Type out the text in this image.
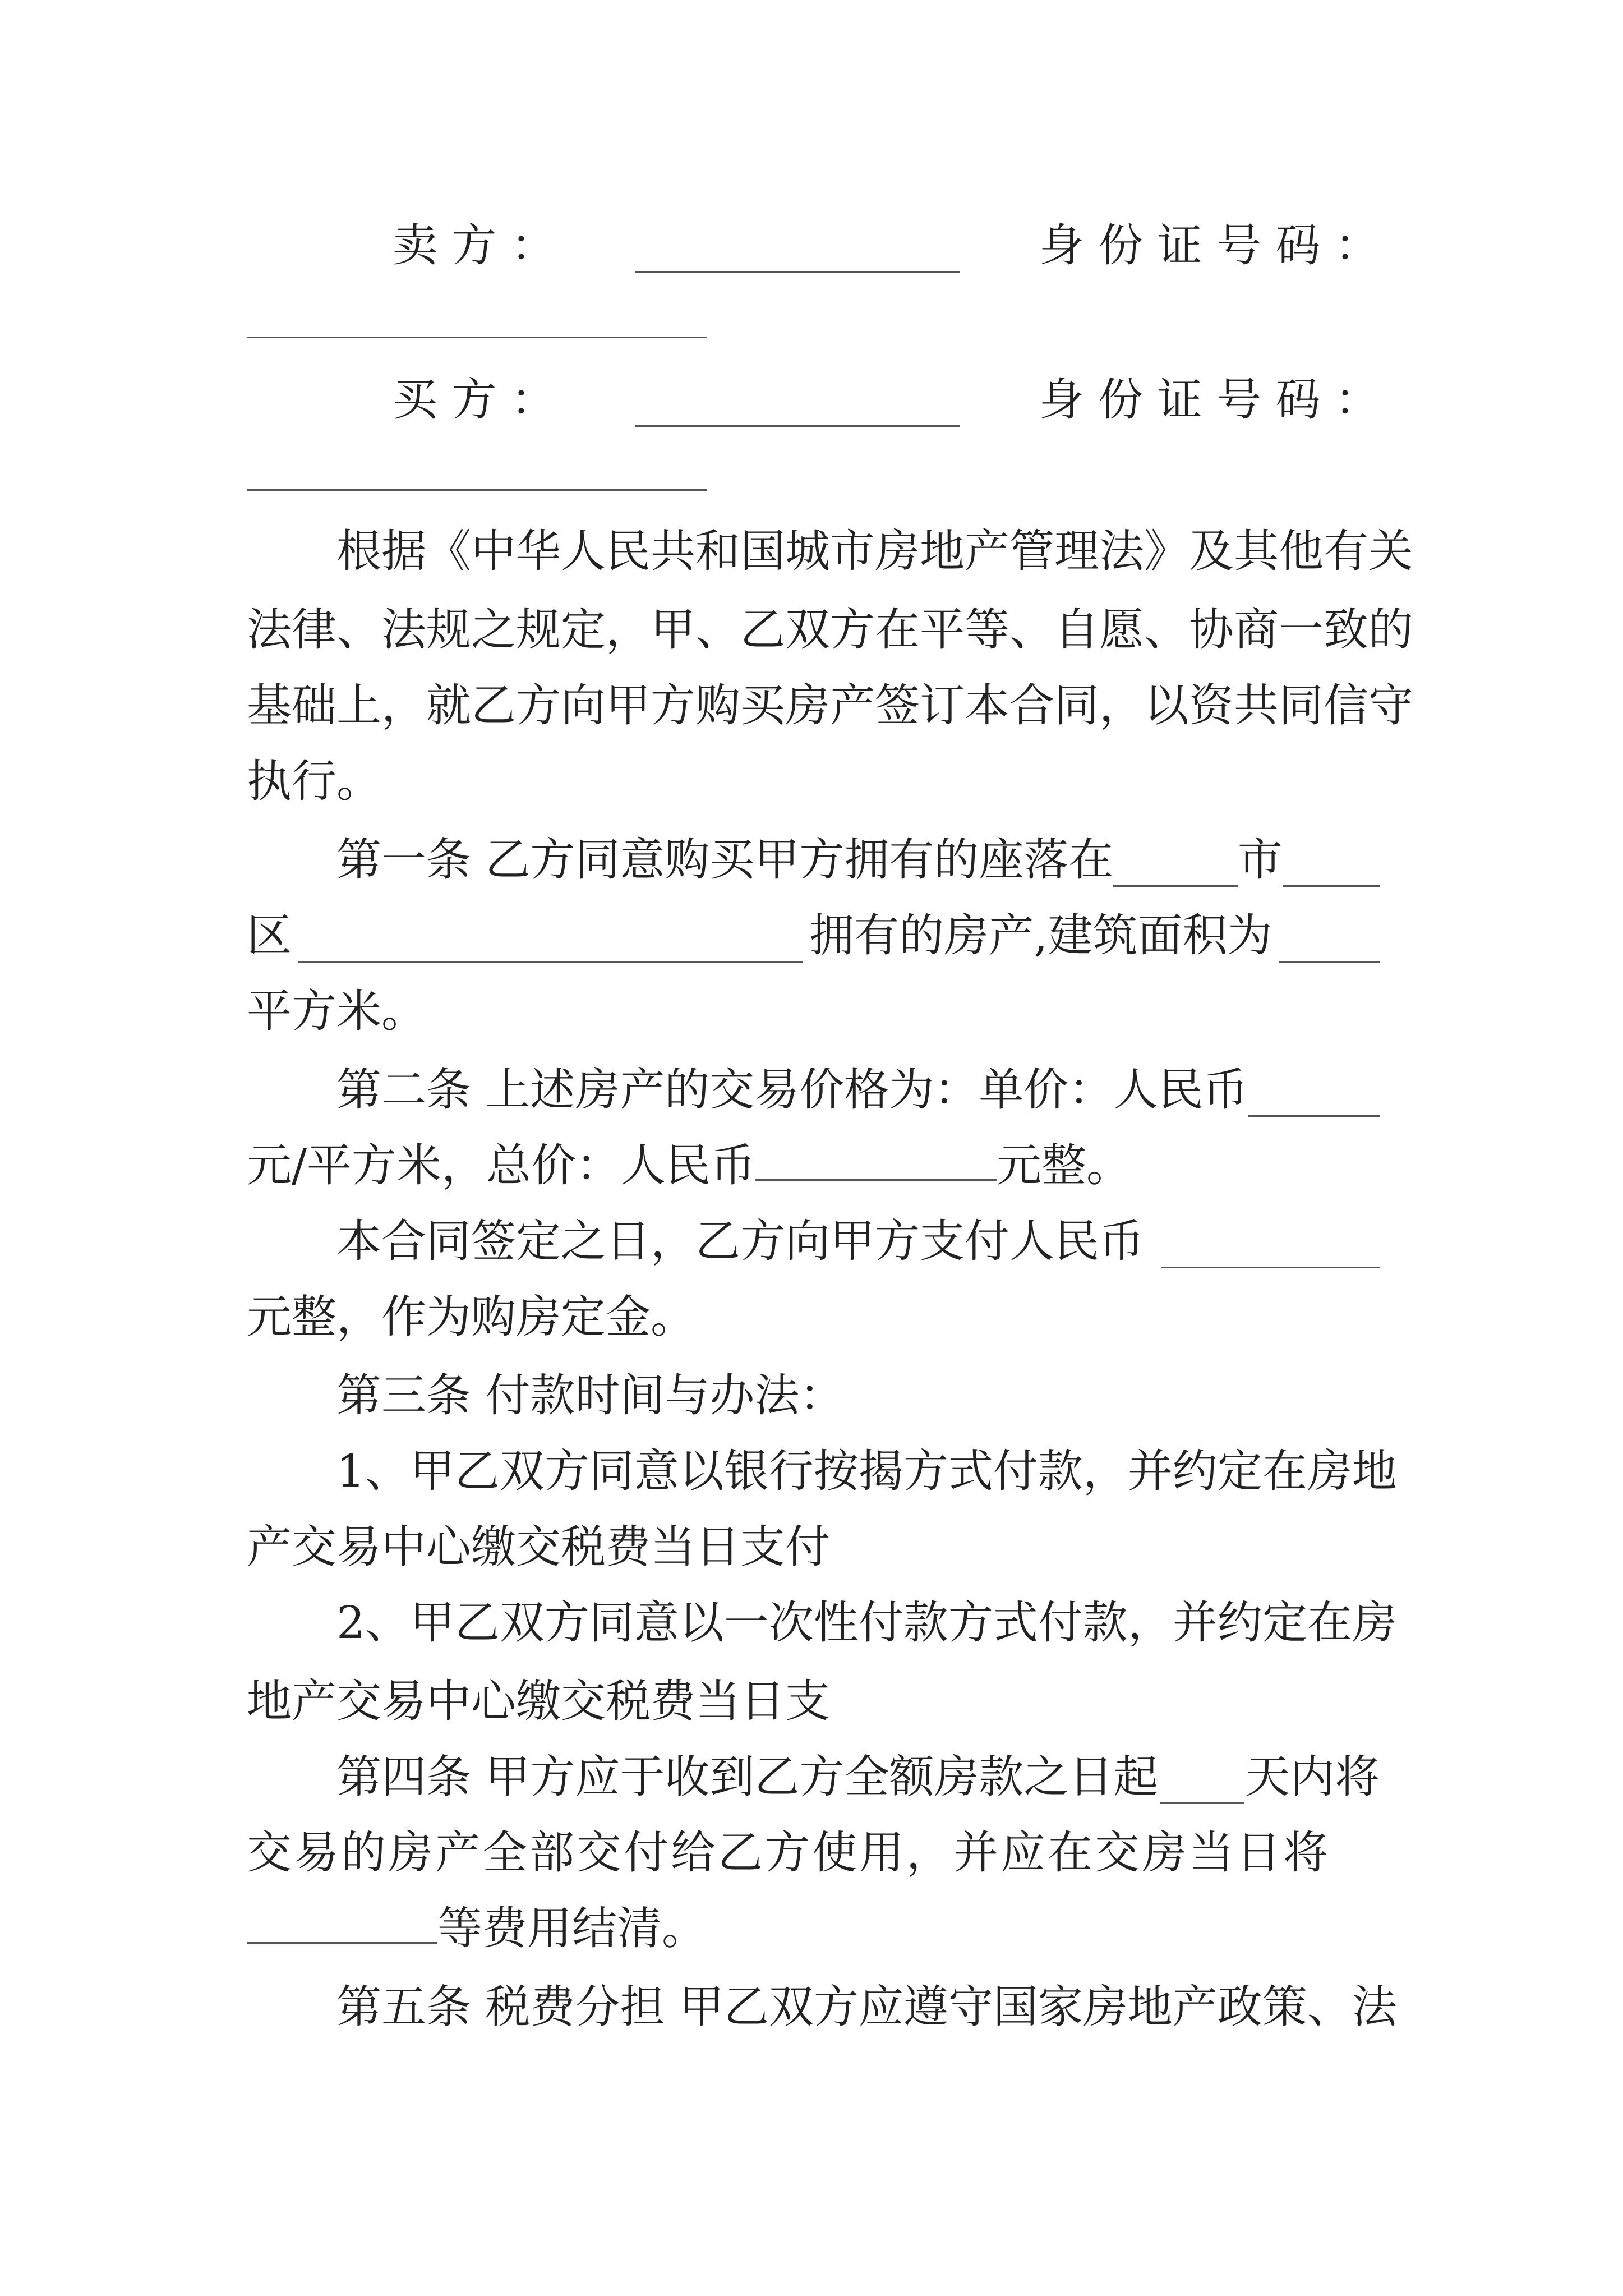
卖 方 ：	身 份 证 号 码 ：
买 方 ：	身 份 证 号 码 ：
根据《中华人民共和国城市房地产管理法》及其他有关
法律、法规之规定，甲、乙双方在平等、自愿、协商一致的
基础上，就乙方向甲方购买房产签订本合同，以资共同信守
执行。
第一条 乙方同意购买甲方拥有的座落在	市
区	拥有的房产,建筑面积为
平方米。
第二条 上述房产的交易价格为：单价：人民币
元/平方米，总价：人民币	元整。
本合同签定之日，乙方向甲方支付人民币
元整，作为购房定金。
第三条 付款时间与办法：
1、甲乙双方同意以银行按揭方式付款，并约定在房地
产交易中心缴交税费当日支付
2、甲乙双方同意以一次性付款方式付款，并约定在房
地产交易中心缴交税费当日支
第四条 甲方应于收到乙方全额房款之日起 天内将
交易的房产全部交付给乙方使用，并应在交房当日将
等费用结清。
第五条 税费分担 甲乙双方应遵守国家房地产政策、法
